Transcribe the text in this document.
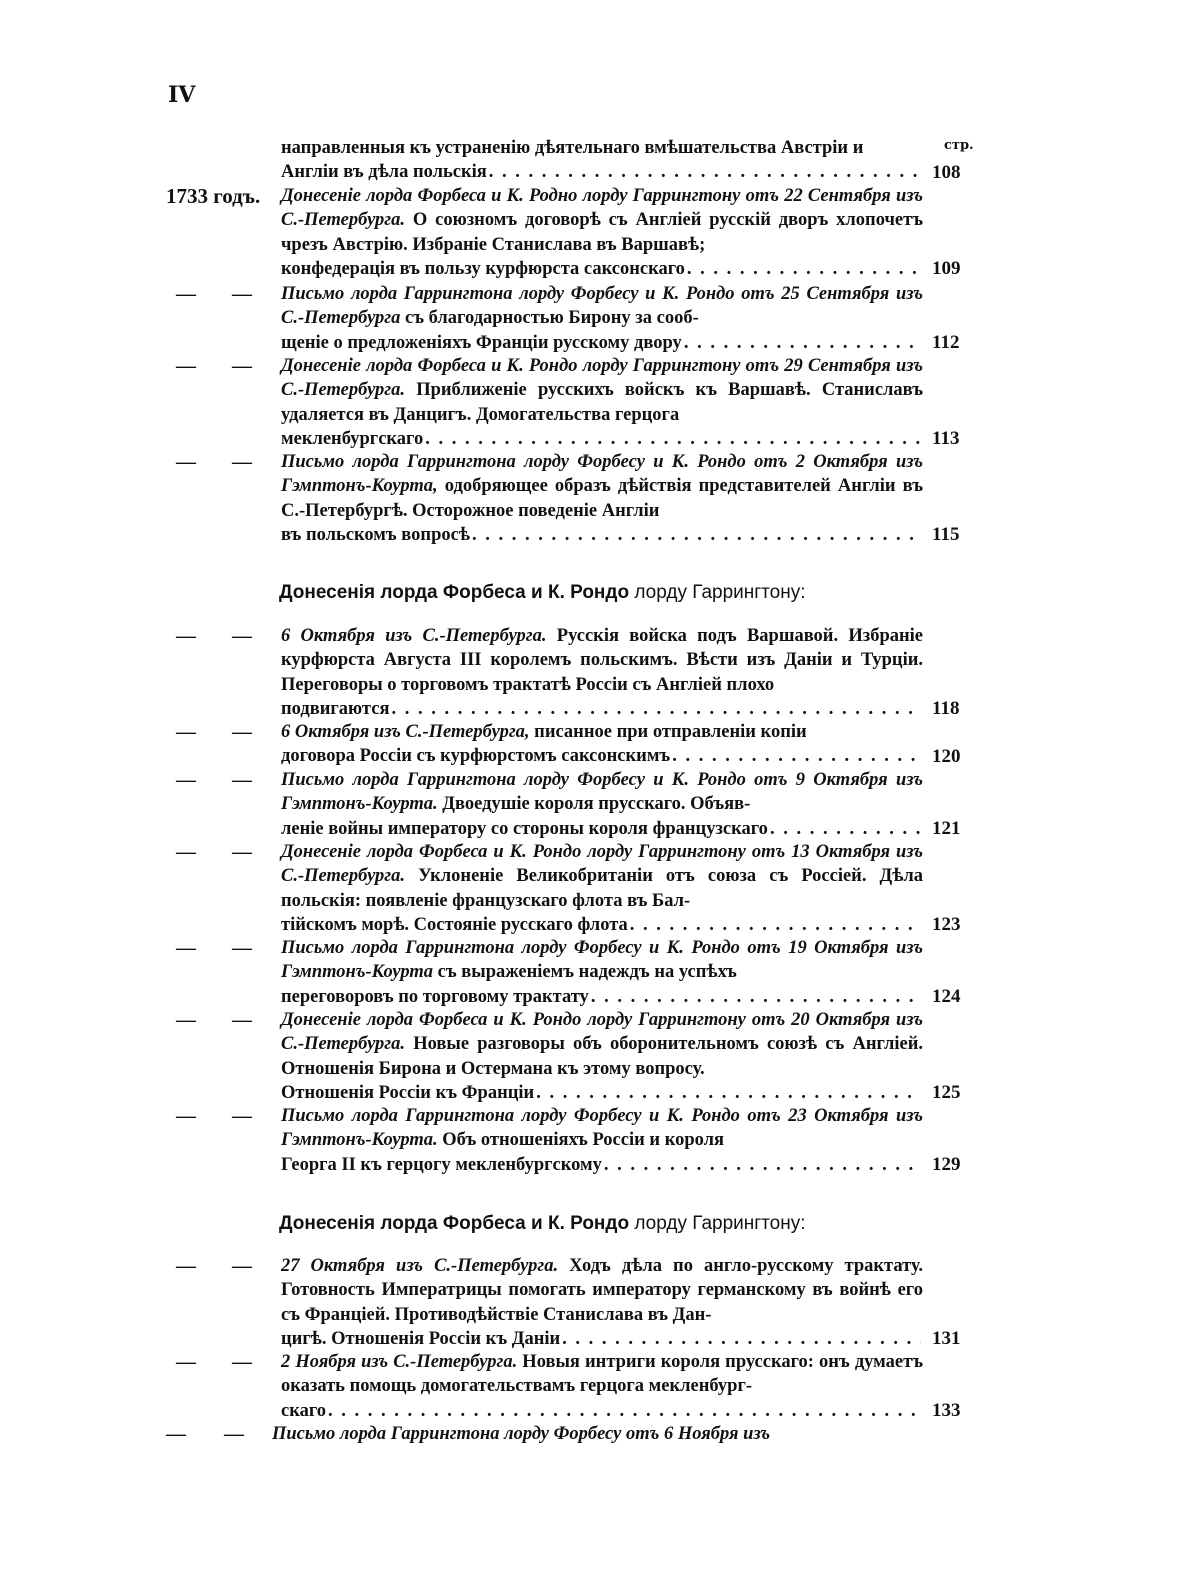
IV
стр.
направленныя къ устраненію дѣятельнаго вмѣшательства Австріи и
Англіи въ дѣла польскія . . .	108
1733 годъ. Донесеніе лорда Форбеса и К. Родно лорду Гаррингтону отъ 22 Сентября изъ С.-Петербурга. О союзномъ договорѣ съ Англіей русскій дворъ хлопочетъ чрезъ Австрію. Избраніе Станислава въ Варшавѣ;
конфедерація въ пользу курфюрста саксонскаго . . .	109
— — Письмо лорда Гаррингтона лорду Форбесу и К. Рондо отъ 25 Сентября изъ С.-Петербурга съ благодарностью Бирону за сооб-
щеніе о предложеніяхъ Франціи русскому двору . . .	112
— — Донесеніе лорда Форбеса и К. Рондо лорду Гаррингтону отъ 29 Сентября изъ С.-Петербурга. Приближеніе русскихъ войскъ къ Варшавѣ. Станиславъ удаляется въ Данцигъ. Домогательства герцога
мекленбургскаго . . .	113
— — Письмо лорда Гаррингтона лорду Форбесу и К. Рондо отъ 2 Октября изъ Гэмптонъ-Коурта, одобряющее образъ дѣйствія представителей Англіи въ С.-Петербургѣ. Осторожное поведеніе Англіи
въ польскомъ вопросѣ . . .	115
Донесенія лорда Форбеса и К. Рондо лорду Гаррингтону:
— — 6 Октября изъ С.-Петербурга. Русскія войска подъ Варшавой. Избраніе курфюрста Августа III королемъ польскимъ. Вѣсти изъ Даніи и Турціи. Переговоры о торговомъ трактатѣ Россіи съ Англіей плохо
подвигаются . . .	118
— — 6 Октября изъ С.-Петербурга, писанное при отправленіи копіи
договора Россіи съ курфюрстомъ саксонскимъ . . .	120
— — Письмо лорда Гаррингтона лорду Форбесу и К. Рондо отъ 9 Октября изъ Гэмптонъ-Коурта. Двоедушіе короля прусскаго. Объяв-
леніе войны императору со стороны короля французскаго . . .	121
— — Донесеніе лорда Форбеса и К. Рондо лорду Гаррингтону отъ 13 Октября изъ С.-Петербурга. Уклоненіе Великобританіи отъ союза съ Россіей. Дѣла польскія: появленіе французскаго флота въ Бал-
тійскомъ морѣ. Состояніе русскаго флота . . .	123
— — Письмо лорда Гаррингтона лорду Форбесу и К. Рондо отъ 19 Октября изъ Гэмптонъ-Коурта съ выраженіемъ надеждъ на успѣхъ
переговоровъ по торговому трактату . . .	124
— — Донесеніе лорда Форбеса и К. Рондо лорду Гаррингтону отъ 20 Октября изъ С.-Петербурга. Новые разговоры объ оборонительномъ союзѣ съ Англіей. Отношенія Бирона и Остермана къ этому вопросу.
Отношенія Россіи къ Франціи . . .	125
— — Письмо лорда Гаррингтона лорду Форбесу и К. Рондо отъ 23 Октября изъ Гэмптонъ-Коурта. Объ отношеніяхъ Россіи и короля
Георга II къ герцогу мекленбургскому . . .	129
Донесенія лорда Форбеса и К. Рондо лорду Гаррингтону:
— — 27 Октября изъ С.-Петербурга. Ходъ дѣла по англо-русскому трактату. Готовность Императрицы помогать императору германскому въ войнѣ его съ Франціей. Противодѣйствіе Станислава въ Дан-
цигѣ. Отношенія Россіи къ Даніи . . .	131
— — 2 Ноября изъ С.-Петербурга. Новыя интриги короля прусскаго: онъ думаетъ оказать помощь домогательствамъ герцога мекленбург-
скаго . . .	133
— — Письмо лорда Гаррингтона лорду Форбесу отъ 6 Ноября изъ
